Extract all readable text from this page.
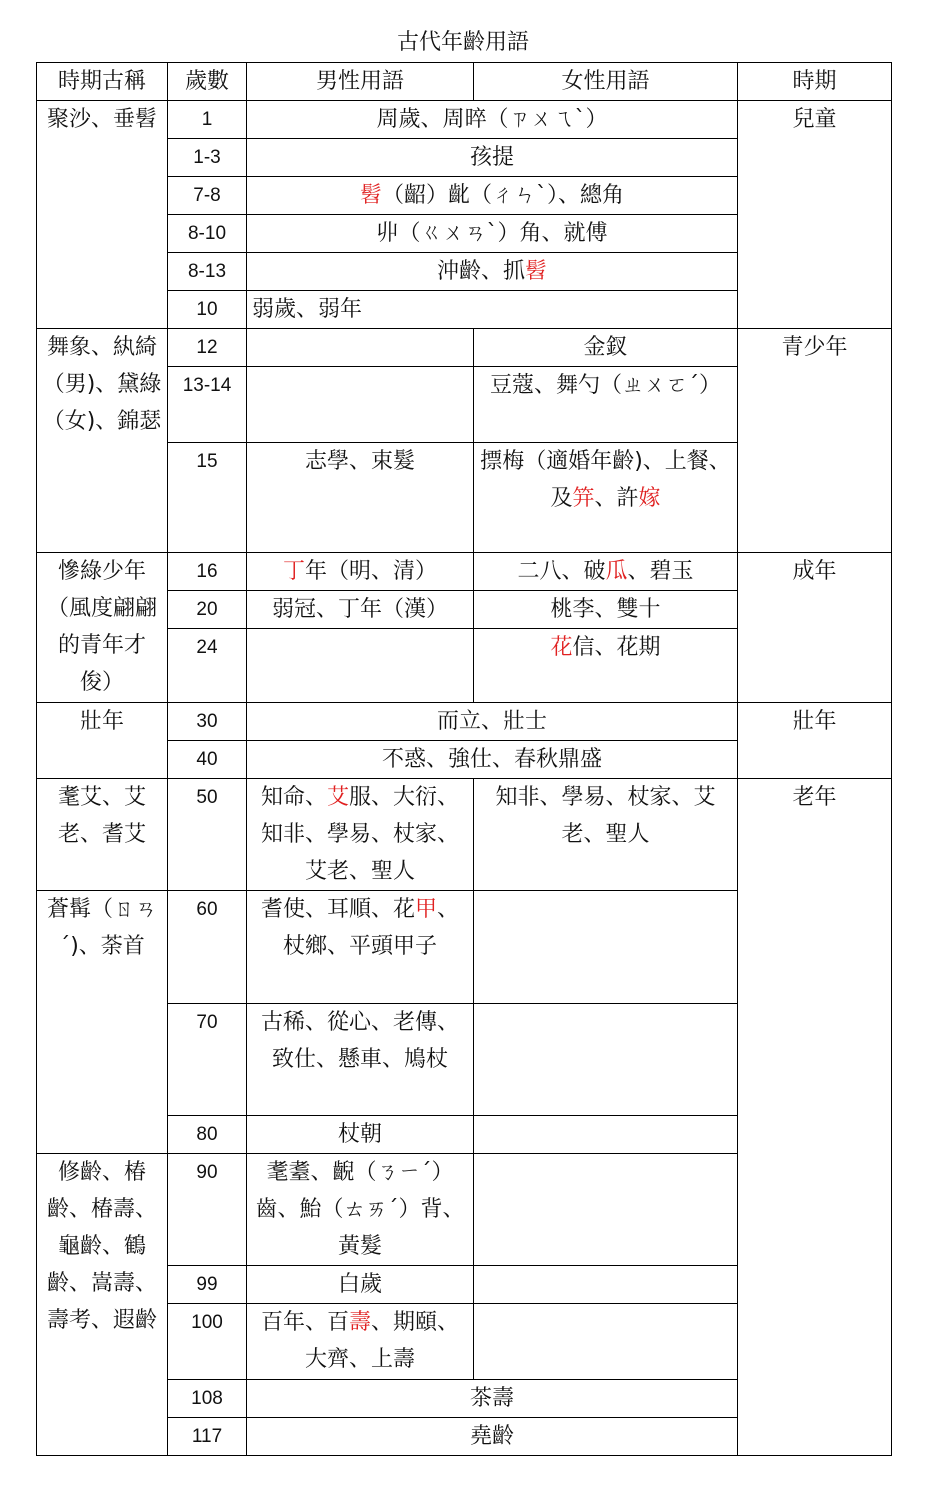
古代年齡用語
時期古稱	歲數	男性用語	女性用語	時期
聚沙、垂髫	1	周歲、周晬（ㄗㄨㄟˋ）		兒童
	1-3	孩提		
	7-8	髫（齠）齔（ㄔㄣˋ）、總角		
	8-10	丱（ㄍㄨㄢˋ）角、就傅		
	8-13	沖齡、抓髫		
	10	弱歲、弱年		
舞象、紈綺（男)、黛綠（女)、錦瑟	12		金釵	青少年
	13-14		豆蔻、舞勺（ㄓㄨㄛˊ）	
	15	志學、束髮	摽梅（適婚年齡)、上餐、及笄、許嫁	
慘綠少年（風度翩翩的青年才俊）	16	丁年（明、清）	二八、破瓜、碧玉	成年
	20	弱冠、丁年（漢）	桃李、雙十	
	24		花信、花期	
壯年	30	而立、壯士		壯年
	40	不惑、強仕、春秋鼎盛		
耄艾、艾老、耆艾	50	知命、艾服、大衍、知非、學易、杖家、艾老、聖人	知非、學易、杖家、艾老、聖人	老年
蒼髯（ㄖㄢˊ)、荼首	60	耆使、耳順、花甲、杖鄉、平頭甲子		
	70	古稀、從心、老傳、致仕、懸車、鳩杖		
	80	杖朝		
修齡、椿齡、椿壽、龜齡、鶴齡、嵩壽、壽考、遐齡	90	耄耋、齯（ㄋㄧˊ）齒、鮐（ㄊㄞˊ）背、黃髮		
	99	白歲		
	100	百年、百壽、期頤、大齊、上壽		
	108	茶壽		
	117	堯齡		
